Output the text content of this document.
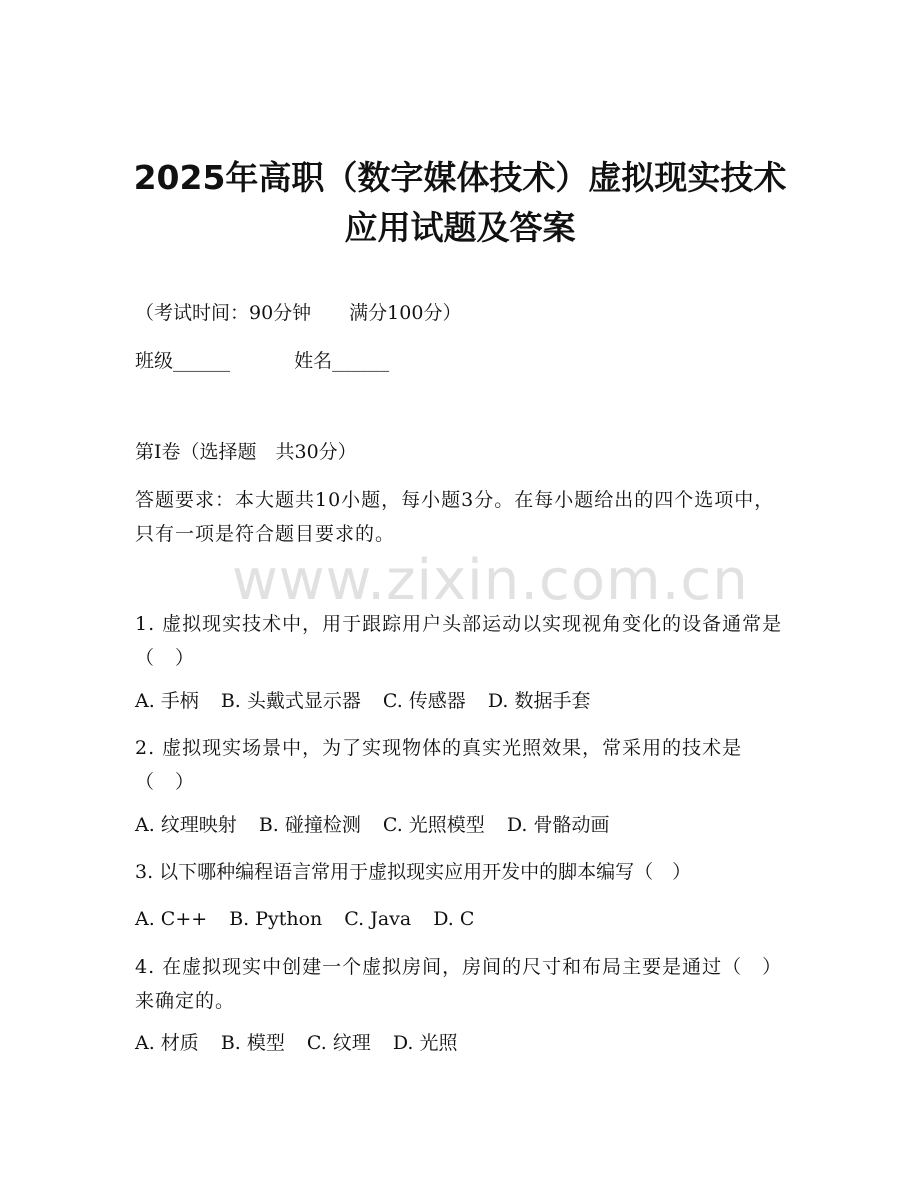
2025年高职（数字媒体技术）虚拟现实技术
应用试题及答案
（考试时间：90分钟　　满分100分）
班级______	姓名______
第I卷（选择题　共30分）
答题要求：本大题共10小题，每小题3分。在每小题给出的四个选项中，只有一项是符合题目要求的。
www.zixin.com.cn
1. 虚拟现实技术中，用于跟踪用户头部运动以实现视角变化的设备通常是（　）
A. 手柄 B. 头戴式显示器 C. 传感器 D. 数据手套
2. 虚拟现实场景中，为了实现物体的真实光照效果，常采用的技术是（　）
A. 纹理映射 B. 碰撞检测 C. 光照模型 D. 骨骼动画
3. 以下哪种编程语言常用于虚拟现实应用开发中的脚本编写（　）
A. C++ B. Python C. Java D. C
4. 在虚拟现实中创建一个虚拟房间，房间的尺寸和布局主要是通过（　）来确定的。
A. 材质 B. 模型 C. 纹理 D. 光照
